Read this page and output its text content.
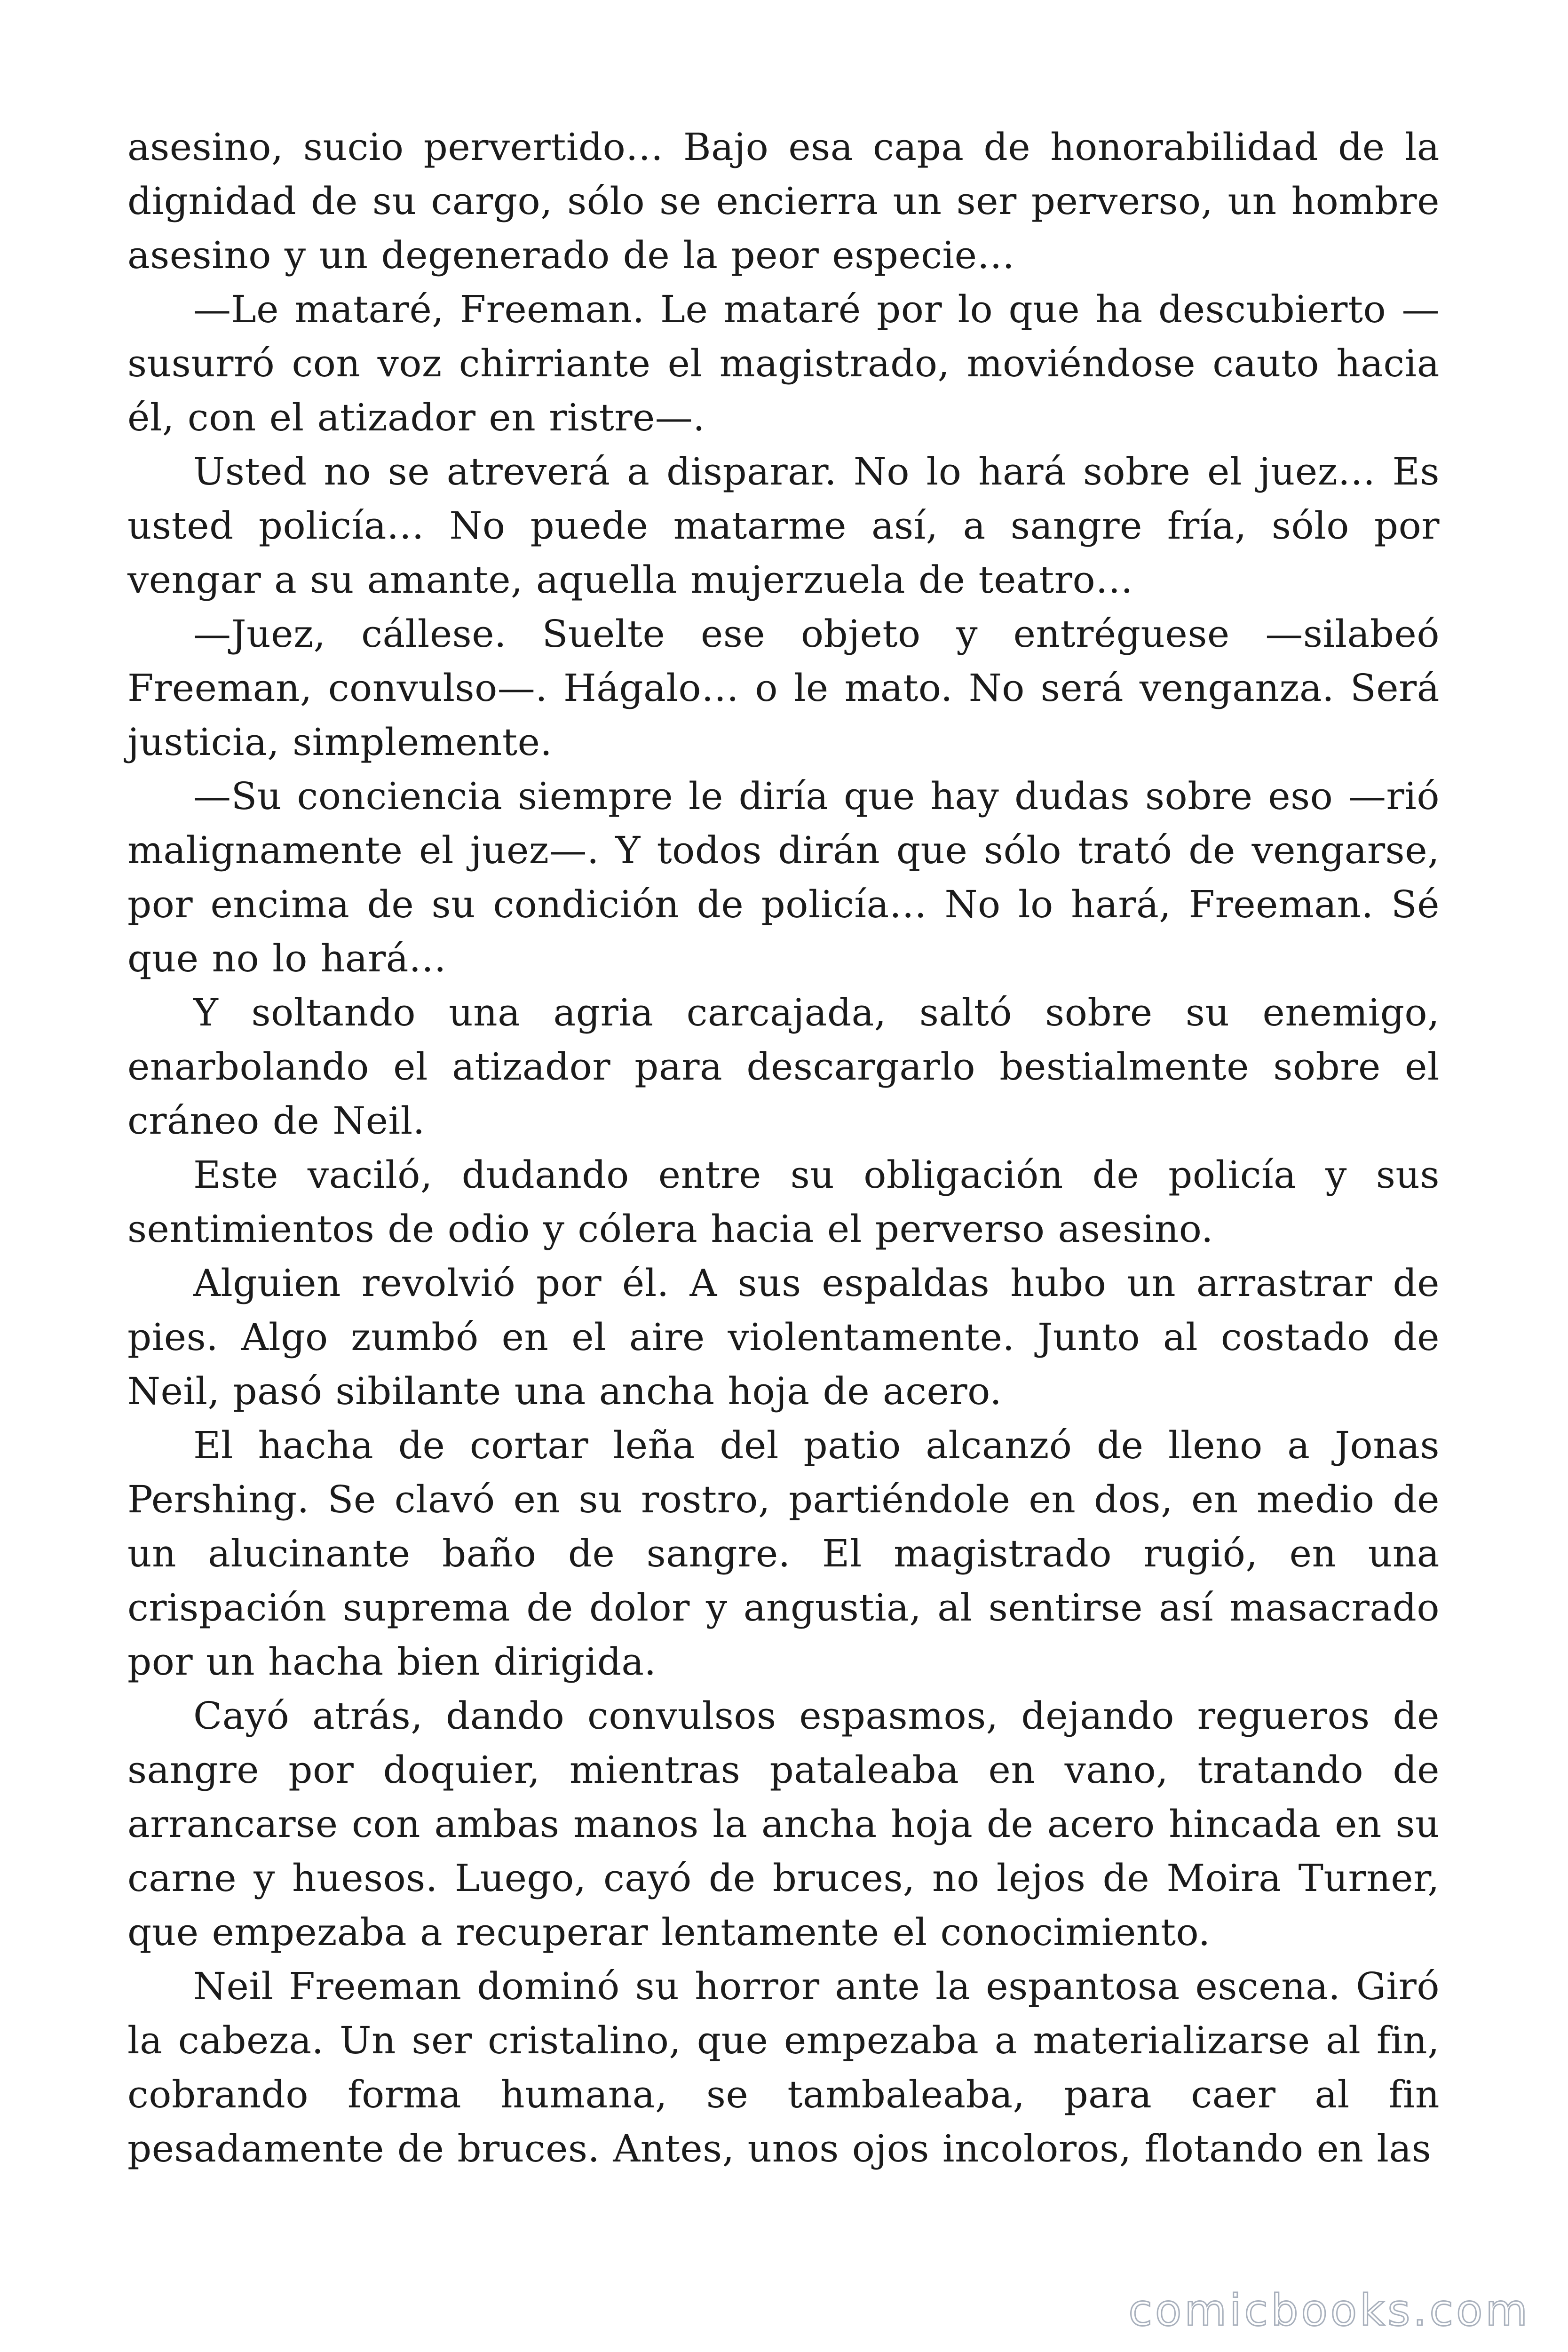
asesino, sucio pervertido… Bajo esa capa de honorabilidad de la dignidad de su cargo, sólo se encierra un ser perverso, un hombre asesino y un degenerado de la peor especie…

—Le mataré, Freeman. Le mataré por lo que ha descubierto —susurró con voz chirriante el magistrado, moviéndose cauto hacia él, con el atizador en ristre—.

Usted no se atreverá a disparar. No lo hará sobre el juez… Es usted policía… No puede matarme así, a sangre fría, sólo por vengar a su amante, aquella mujerzuela de teatro…

—Juez, cállese. Suelte ese objeto y entréguese —silabeó Freeman, convulso—. Hágalo… o le mato. No será venganza. Será justicia, simplemente.

—Su conciencia siempre le diría que hay dudas sobre eso —rió malignamente el juez—. Y todos dirán que sólo trató de vengarse, por encima de su condición de policía… No lo hará, Freeman. Sé que no lo hará…

Y soltando una agria carcajada, saltó sobre su enemigo, enarbolando el atizador para descargarlo bestialmente sobre el cráneo de Neil.

Este vaciló, dudando entre su obligación de policía y sus sentimientos de odio y cólera hacia el perverso asesino.

Alguien revolvió por él. A sus espaldas hubo un arrastrar de pies. Algo zumbó en el aire violentamente. Junto al costado de Neil, pasó sibilante una ancha hoja de acero.

El hacha de cortar leña del patio alcanzó de lleno a Jonas Pershing. Se clavó en su rostro, partiéndole en dos, en medio de un alucinante baño de sangre. El magistrado rugió, en una crispación suprema de dolor y angustia, al sentirse así masacrado por un hacha bien dirigida.

Cayó atrás, dando convulsos espasmos, dejando regueros de sangre por doquier, mientras pataleaba en vano, tratando de arrancarse con ambas manos la ancha hoja de acero hincada en su carne y huesos. Luego, cayó de bruces, no lejos de Moira Turner, que empezaba a recuperar lentamente el conocimiento.

Neil Freeman dominó su horror ante la espantosa escena. Giró la cabeza. Un ser cristalino, que empezaba a materializarse al fin, cobrando forma humana, se tambaleaba, para caer al fin pesadamente de bruces. Antes, unos ojos incoloros, flotando en las

comicbooks.com
